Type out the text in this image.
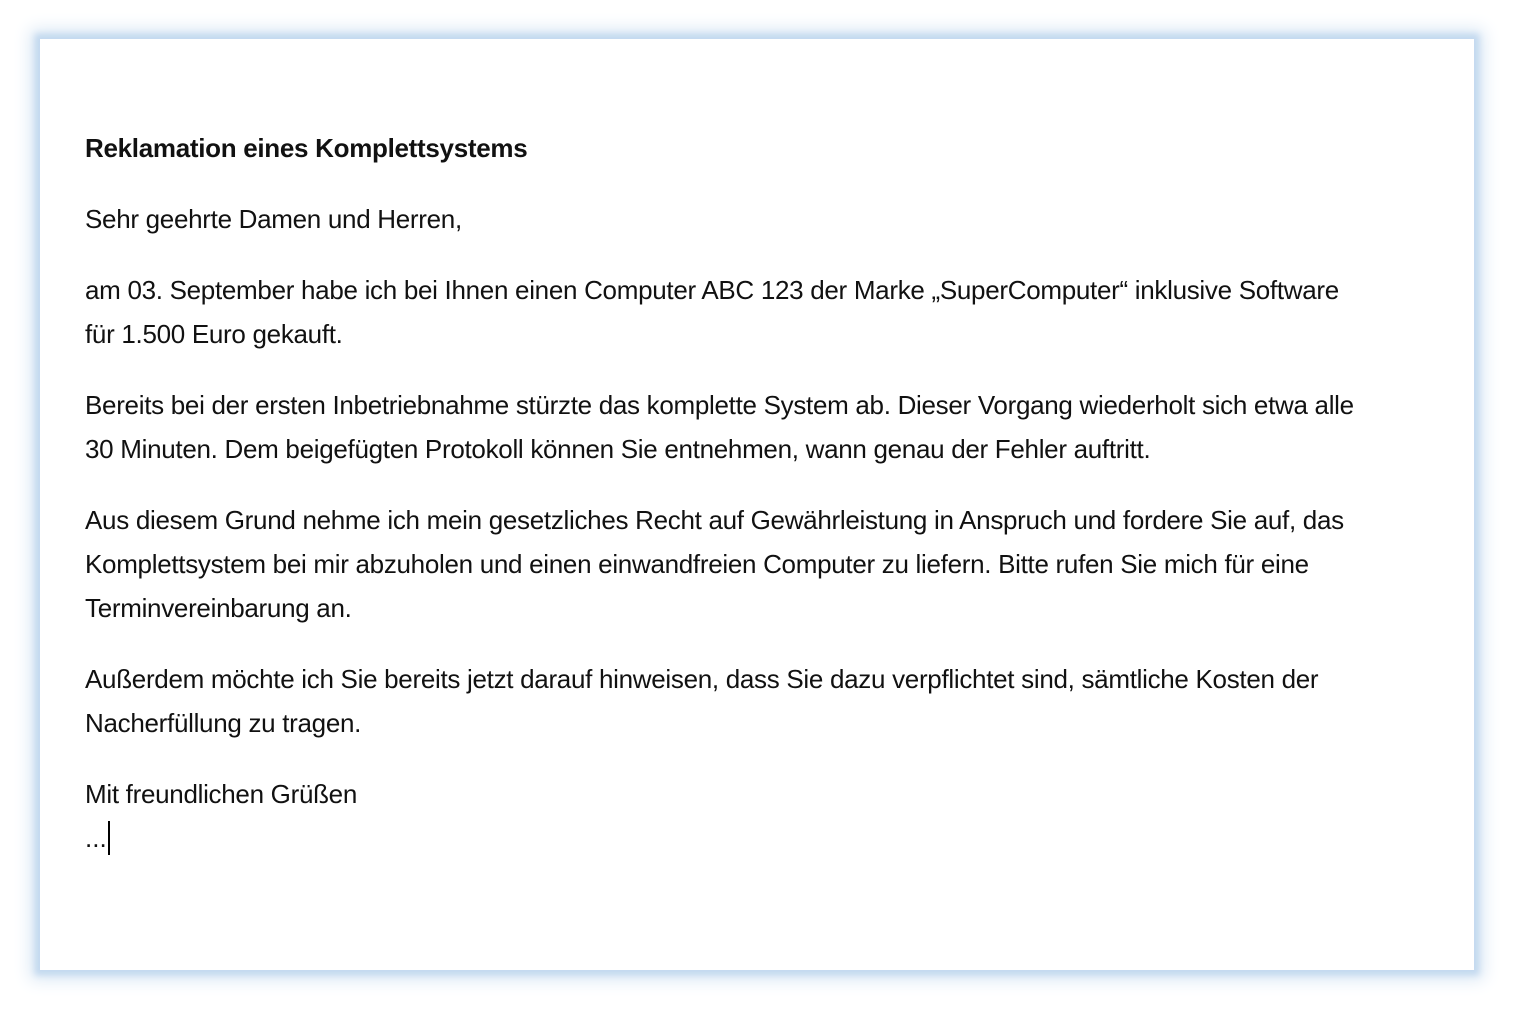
Reklamation eines Komplettsystems

Sehr geehrte Damen und Herren,

am 03. September habe ich bei Ihnen einen Computer ABC 123 der Marke „SuperComputer“ inklusive Software für 1.500 Euro gekauft.

Bereits bei der ersten Inbetriebnahme stürzte das komplette System ab. Dieser Vorgang wiederholt sich etwa alle 30 Minuten. Dem beigefügten Protokoll können Sie entnehmen, wann genau der Fehler auftritt.

Aus diesem Grund nehme ich mein gesetzliches Recht auf Gewährleistung in Anspruch und fordere Sie auf, das Komplettsystem bei mir abzuholen und einen einwandfreien Computer zu liefern. Bitte rufen Sie mich für eine Terminvereinbarung an.

Außerdem möchte ich Sie bereits jetzt darauf hinweisen, dass Sie dazu verpflichtet sind, sämtliche Kosten der Nacherfüllung zu tragen.

Mit freundlichen Grüßen

...
